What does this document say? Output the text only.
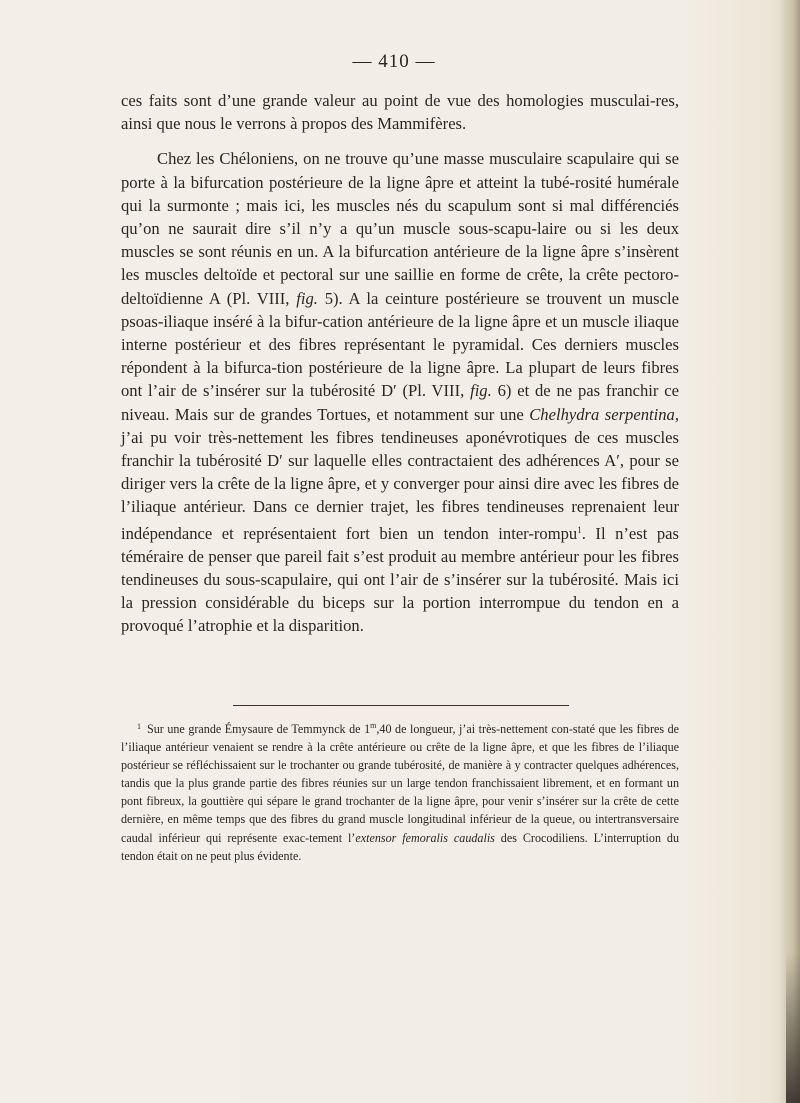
— 410 —

ces faits sont d’une grande valeur au point de vue des homologies musculai-res, ainsi que nous le verrons à propos des Mammifères.

Chez les Chéloniens, on ne trouve qu’une masse musculaire scapulaire qui se porte à la bifurcation postérieure de la ligne âpre et atteint la tubé-rosité humérale qui la surmonte ; mais ici, les muscles nés du scapulum sont si mal différenciés qu’on ne saurait dire s’il n’y a qu’un muscle sous-scapu-laire ou si les deux muscles se sont réunis en un. A la bifurcation antérieure de la ligne âpre s’insèrent les muscles deltoïde et pectoral sur une saillie en forme de crête, la crête pectoro-deltoïdienne A (Pl. VIII, fig. 5). A la ceinture postérieure se trouvent un muscle psoas-iliaque inséré à la bifur-cation antérieure de la ligne âpre et un muscle iliaque interne postérieur et des fibres représentant le pyramidal. Ces derniers muscles répondent à la bifurca-tion postérieure de la ligne âpre. La plupart de leurs fibres ont l’air de s’insérer sur la tubérosité D′ (Pl. VIII, fig. 6) et de ne pas franchir ce niveau. Mais sur de grandes Tortues, et notamment sur une Chelhydra serpentina, j’ai pu voir très-nettement les fibres tendineuses aponévrotiques de ces muscles franchir la tubérosité D′ sur laquelle elles contractaient des adhérences A′, pour se diriger vers la crête de la ligne âpre, et y converger pour ainsi dire avec les fibres de l’iliaque antérieur. Dans ce dernier trajet, les fibres tendineuses reprenaient leur indépendance et représentaient fort bien un tendon inter-rompu$^1$. Il n’est pas téméraire de penser que pareil fait s’est produit au membre antérieur pour les fibres tendineuses du sous-scapulaire, qui ont l’air de s’insérer sur la tubérosité. Mais ici la pression considérable du biceps sur la portion interrompue du tendon en a provoqué l’atrophie et la disparition.

$^1$ Sur une grande Émysaure de Temmynck de 1$^m$,40 de longueur, j’ai très-nettement con-staté que les fibres de l’iliaque antérieur venaient se rendre à la crête antérieure ou crête de la ligne âpre, et que les fibres de l’iliaque postérieur se réfléchissaient sur le trochanter ou grande tubérosité, de manière à y contracter quelques adhérences, tandis que la plus grande partie des fibres réunies sur un large tendon franchissaient librement, et en formant un pont fibreux, la gouttière qui sépare le grand trochanter de la ligne âpre, pour venir s’insérer sur la crête de cette dernière, en même temps que des fibres du grand muscle longitudinal inférieur de la queue, ou intertransversaire caudal inférieur qui représente exac-tement l’extensor femoralis caudalis des Crocodiliens. L’interruption du tendon était on ne peut plus évidente.
